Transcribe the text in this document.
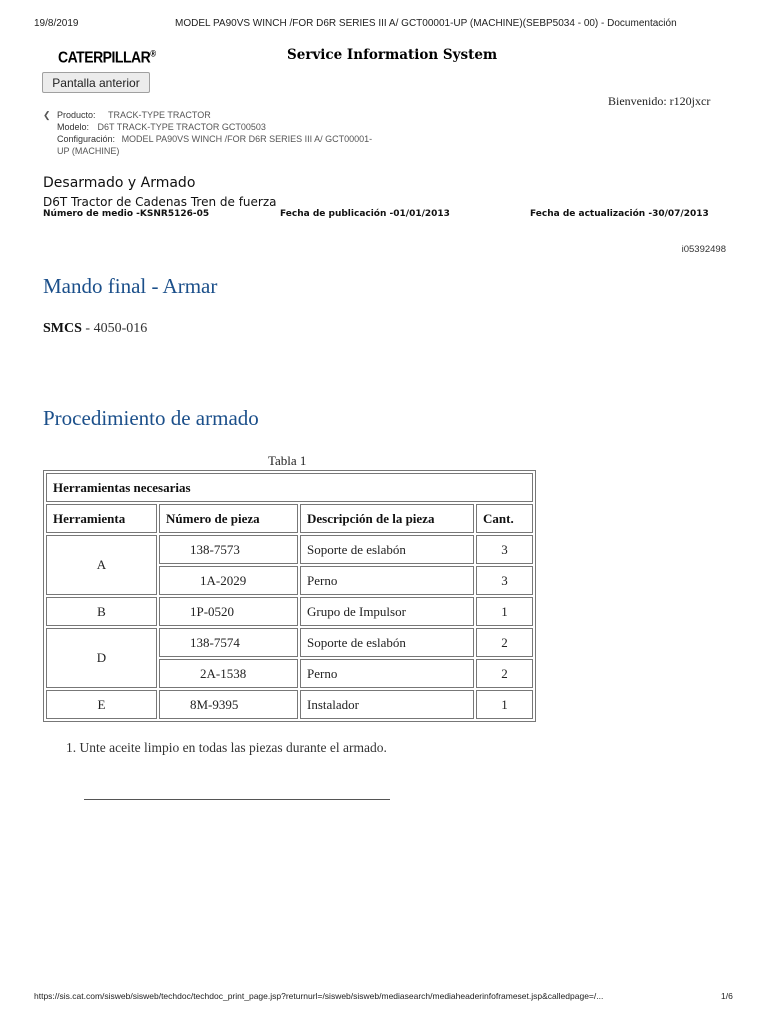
19/8/2019	MODEL PA90VS WINCH /FOR D6R SERIES III A/ GCT00001-UP (MACHINE)(SEBP5034 - 00) - Documentación
CATERPILLAR®	Service Information System
Pantalla anterior
Bienvenido: r120jxcr
❮ Producto: TRACK-TYPE TRACTOR
Modelo: D6T TRACK-TYPE TRACTOR GCT00503
Configuración: MODEL PA90VS WINCH /FOR D6R SERIES III A/ GCT00001-
UP (MACHINE)
Desarmado y Armado
D6T Tractor de Cadenas Tren de fuerza
Número de medio -KSNR5126-05	Fecha de publicación -01/01/2013	Fecha de actualización -30/07/2013
i05392498
Mando final - Armar
SMCS - 4050-016
Procedimiento de armado
Tabla 1
Herramientas necesarias			
Herramienta	Número de pieza	Descripción de la pieza	Cant.
A	138-7573	Soporte de eslabón	3
	1A-2029	Perno	3
B	1P-0520	Grupo de Impulsor	1
D	138-7574	Soporte de eslabón	2
	2A-1538	Perno	2
E	8M-9395	Instalador	1
1. Unte aceite limpio en todas las piezas durante el armado.
https://sis.cat.com/sisweb/sisweb/techdoc/techdoc_print_page.jsp?returnurl=/sisweb/sisweb/mediasearch/mediaheaderinfoframeset.jsp&calledpage=/...	1/6
